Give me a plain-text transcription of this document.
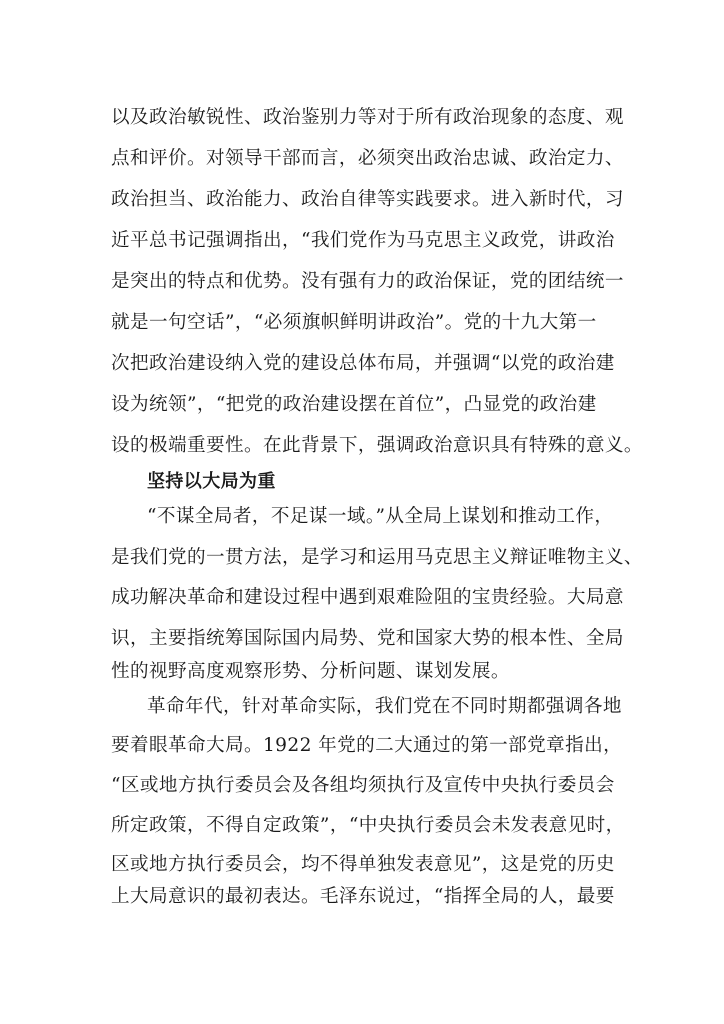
以及政治敏锐性、政治鉴别力等对于所有政治现象的态度、观
点和评价。对领导干部而言，必须突出政治忠诚、政治定力、
政治担当、政治能力、政治自律等实践要求。进入新时代，习
近平总书记强调指出，“我们党作为马克思主义政党，讲政治
是突出的特点和优势。没有强有力的政治保证，党的团结统一
就是一句空话”，“必须旗帜鲜明讲政治”。党的十九大第一
次把政治建设纳入党的建设总体布局，并强调“以党的政治建
设为统领”，“把党的政治建设摆在首位”，凸显党的政治建
设的极端重要性。在此背景下，强调政治意识具有特殊的意义。
坚持以大局为重
“不谋全局者，不足谋一域。”从全局上谋划和推动工作，
是我们党的一贯方法，是学习和运用马克思主义辩证唯物主义、
成功解决革命和建设过程中遇到艰难险阻的宝贵经验。大局意
识，主要指统筹国际国内局势、党和国家大势的根本性、全局
性的视野高度观察形势、分析问题、谋划发展。
革命年代，针对革命实际，我们党在不同时期都强调各地
要着眼革命大局。1922 年党的二大通过的第一部党章指出，
“区或地方执行委员会及各组均须执行及宣传中央执行委员会
所定政策，不得自定政策”，“中央执行委员会未发表意见时，
区或地方执行委员会，均不得单独发表意见”，这是党的历史
上大局意识的最初表达。毛泽东说过，“指挥全局的人，最要
